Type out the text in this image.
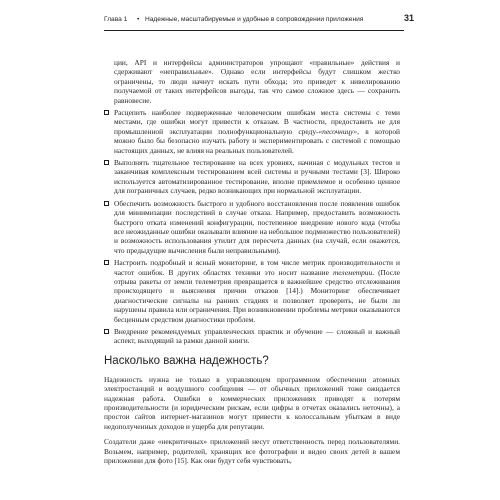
Глава 1 • Надежные, масштабируемые и удобные в сопровождении приложения	31

ции, API и интерфейсы администраторов упрощают «правильные» действия и сдерживают «неправильные». Однако если интерфейсы будут слишком жестко ограничены, то люди начнут искать пути обхода; это приведет к нивелированию получаемой от таких интерфейсов выгоды, так что самое сложное здесь — сохранить равновесие.

Расцепить наиболее подверженные человеческим ошибкам места системы с теми местами, где ошибки могут привести к отказам. В частности, предоставить не для промышленной эксплуатации полнофункциональную среду-«песочницу», в которой можно было бы безопасно изучать работу и экспериментировать с системой с помощью настоящих данных, не влияя на реальных пользователей.

Выполнять тщательное тестирование на всех уровнях, начиная с модульных тестов и заканчивая комплексным тестированием всей системы и ручными тестами [3]. Широко используется автоматизированное тестирование, вполне приемлемое и особенно ценное для пограничных случаев, редко возникающих при нормальной эксплуатации.

Обеспечить возможность быстрого и удобного восстановления после появления ошибок для минимизации последствий в случае отказа. Например, предоставить возможность быстрого отката изменений конфигурации, постепенное внедрение нового кода (чтобы все неожиданные ошибки оказывали влияние на небольшое подмножество пользователей) и возможность использования утилит для пересчета данных (на случай, если окажется, что предыдущие вычисления были неправильными).

Настроить подробный и ясный мониторинг, в том числе метрик производительности и частот ошибок. В других областях техники это носит название телеметрии. (После отрыва ракеты от земли телеметрия превращается в важнейшее средство отслеживания происходящего и выяснения причин отказов [14].) Мониторинг обеспечивает диагностические сигналы на ранних стадиях и позволяет проверить, не были ли нарушены правила или ограничения. При возникновении проблемы метрики оказываются бесценным средством диагностики проблем.

Внедрение рекомендуемых управленческих практик и обучение — сложный и важный аспект, выходящий за рамки данной книги.

Насколько важна надежность?

Надежность нужна не только в управляющем программном обеспечении атомных электростанций и воздушного сообщения — от обычных приложений тоже ожидается надежная работа. Ошибки в коммерческих приложениях приводят к потерям производительности (и юридическим рискам, если цифры в отчетах оказались неточны), а простои сайтов интернет-магазинов могут привести к колоссальным убыткам в виде недополученных доходов и ущерба для репутации.

Создатели даже «некритичных» приложений несут ответственность перед пользователями. Возьмем, например, родителей, хранящих все фотографии и видео своих детей в вашем приложении для фото [15]. Как они будут себя чувствовать,
